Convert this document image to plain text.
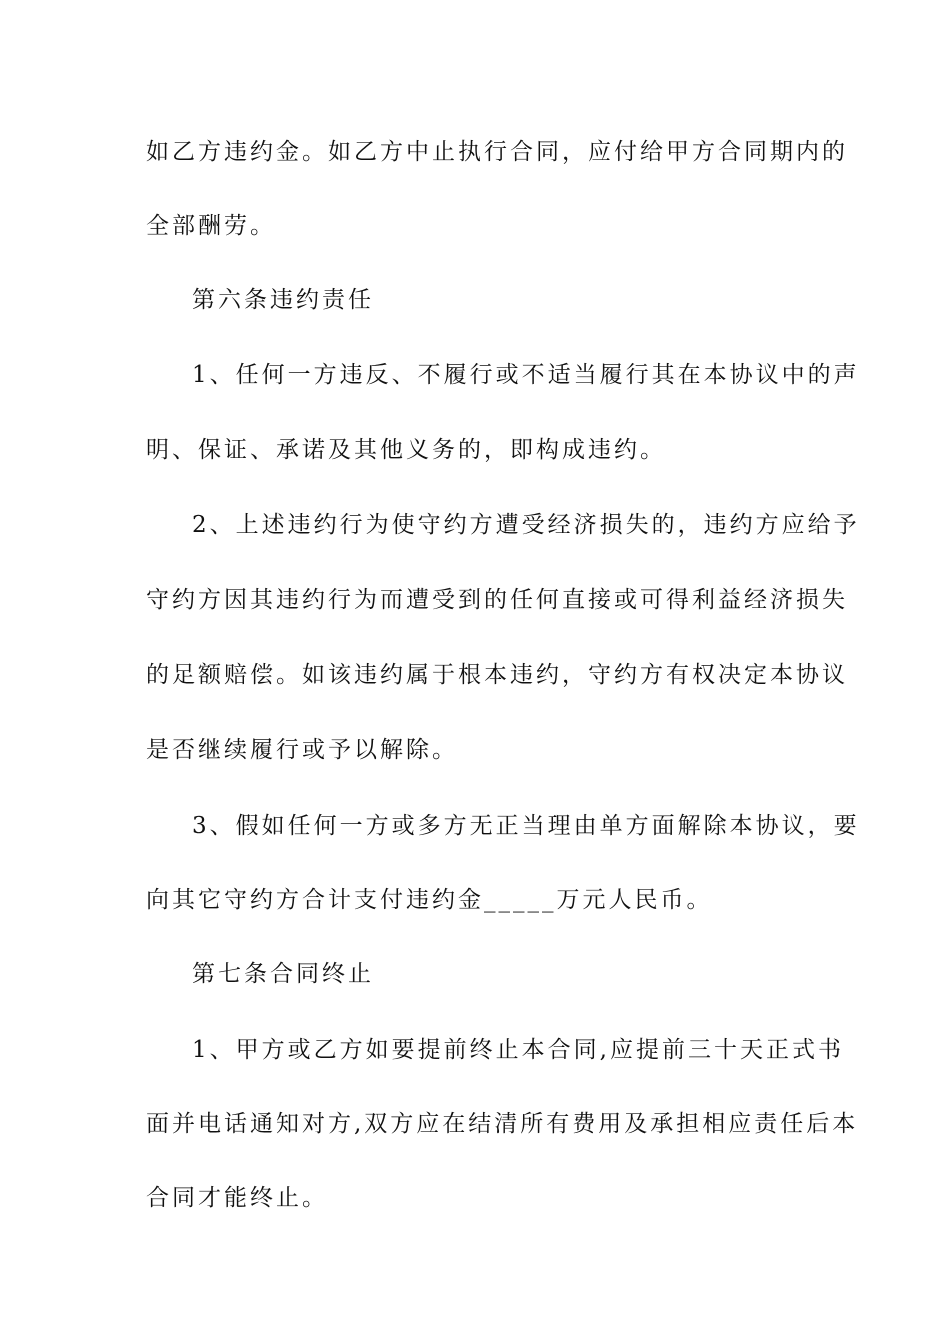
如乙方违约金。如乙方中止执行合同，应付给甲方合同期内的
全部酬劳。
第六条违约责任
1、任何一方违反、不履行或不适当履行其在本协议中的声
明、保证、承诺及其他义务的，即构成违约。
2、上述违约行为使守约方遭受经济损失的，违约方应给予
守约方因其违约行为而遭受到的任何直接或可得利益经济损失
的足额赔偿。如该违约属于根本违约，守约方有权决定本协议
是否继续履行或予以解除。
3、假如任何一方或多方无正当理由单方面解除本协议，要
向其它守约方合计支付违约金_____万元人民币。
第七条合同终止
1、甲方或乙方如要提前终止本合同,应提前三十天正式书
面并电话通知对方,双方应在结清所有费用及承担相应责任后本
合同才能终止。
